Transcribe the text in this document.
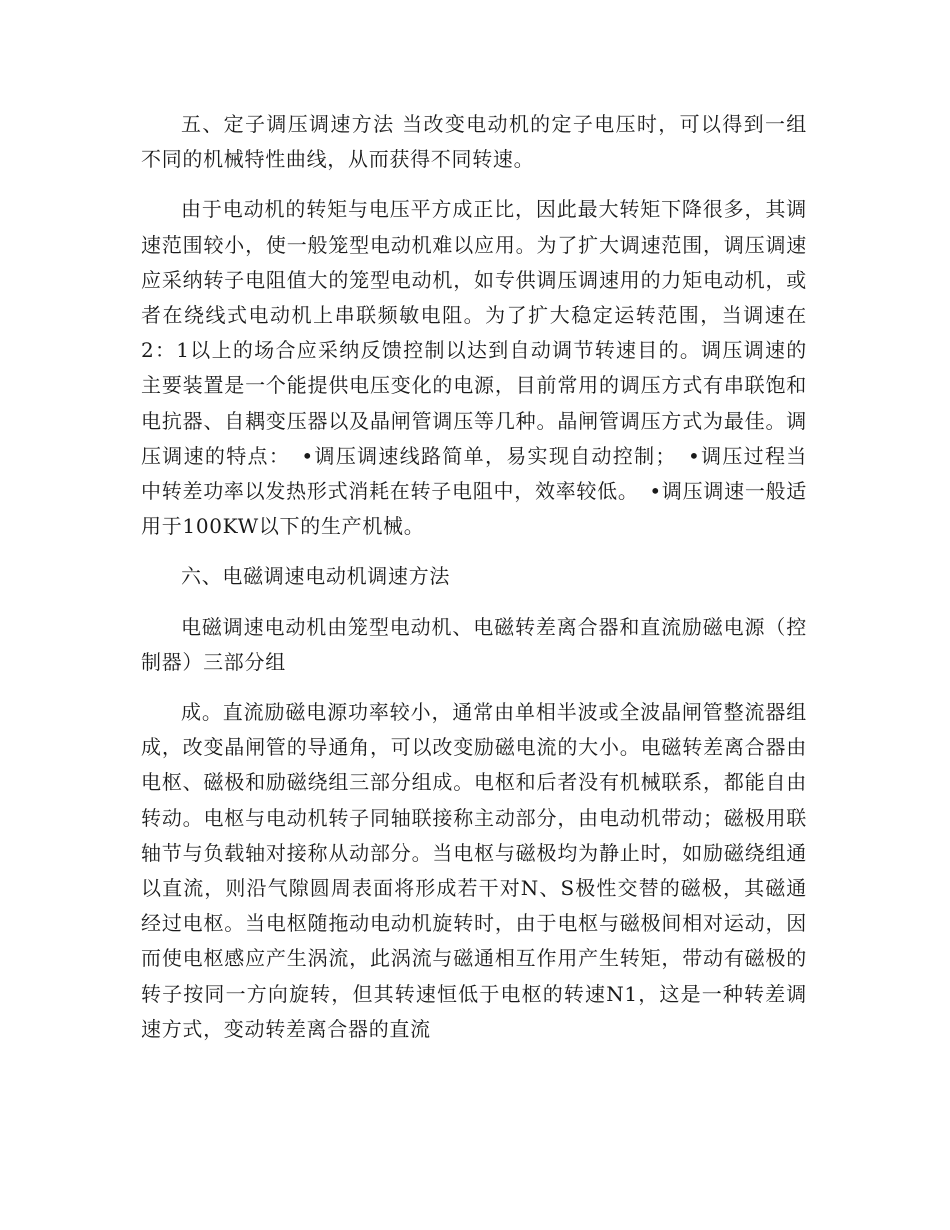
五、定子调压调速方法 当改变电动机的定子电压时，可以得到一组不同的机械特性曲线，从而获得不同转速。

由于电动机的转矩与电压平方成正比，因此最大转矩下降很多，其调速范围较小，使一般笼型电动机难以应用。为了扩大调速范围，调压调速应采纳转子电阻值大的笼型电动机，如专供调压调速用的力矩电动机，或者在绕线式电动机上串联频敏电阻。为了扩大稳定运转范围，当调速在2：1以上的场合应采纳反馈控制以达到自动调节转速目的。调压调速的主要装置是一个能提供电压变化的电源，目前常用的调压方式有串联饱和电抗器、自耦变压器以及晶闸管调压等几种。晶闸管调压方式为最佳。调压调速的特点：　•调压调速线路简单，易实现自动控制；　•调压过程当中转差功率以发热形式消耗在转子电阻中，效率较低。　•调压调速一般适用于100KW以下的生产机械。

六、电磁调速电动机调速方法

电磁调速电动机由笼型电动机、电磁转差离合器和直流励磁电源（控制器）三部分组

成。直流励磁电源功率较小，通常由单相半波或全波晶闸管整流器组成，改变晶闸管的导通角，可以改变励磁电流的大小。电磁转差离合器由电枢、磁极和励磁绕组三部分组成。电枢和后者没有机械联系，都能自由转动。电枢与电动机转子同轴联接称主动部分，由电动机带动；磁极用联轴节与负载轴对接称从动部分。当电枢与磁极均为静止时，如励磁绕组通以直流，则沿气隙圆周表面将形成若干对N、S极性交替的磁极，其磁通经过电枢。当电枢随拖动电动机旋转时，由于电枢与磁极间相对运动，因而使电枢感应产生涡流，此涡流与磁通相互作用产生转矩，带动有磁极的转子按同一方向旋转，但其转速恒低于电枢的转速N1，这是一种转差调速方式，变动转差离合器的直流
